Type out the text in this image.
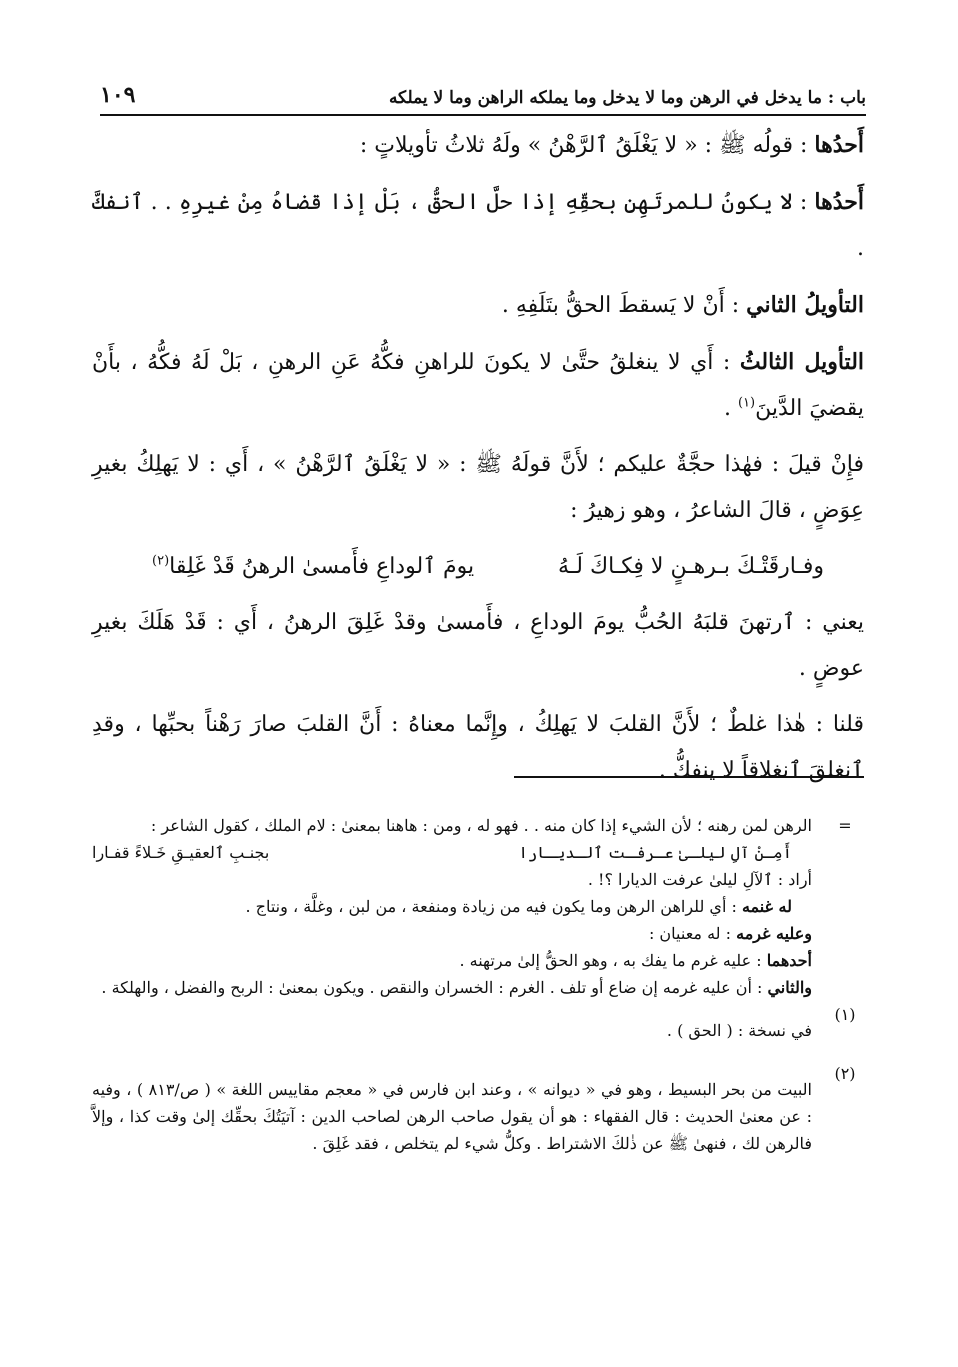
باب : ما يدخل في الرهن وما لا يدخل وما يملكه الراهن وما لا يملكه
١٠٩

أَحدُها : قولُه ﷺ : « لا يَغْلَقُ ٱلرَّهْنُ » ولَهُ ثلاثُ تأويلاتٍ :

أَحدُها : لا يكونُ للمرتَهِنِ بحقِّهِ إذا حلَّ الحقُّ ، بَلْ إذا قضاهُ مِنْ غيرِهِ . . ٱنفكَّ .

التأويلُ الثاني : أَنْ لا يَسقطَ الحقُّ بتَلَفِهِ .

التأويل الثالثُ : أَي لا ينغلقُ حتَّىٰ لا يكونَ للراهنِ فكُّهُ عَنِ الرهنِ ، بَلْ لَهُ فكُّهُ ، بأَنْ يقضيَ الدَّينَ$^{(١)}$ .

فإِنْ قيلَ : فهٰذا حجَّةٌ عليكم ؛ لأَنَّ قولَهُ ﷺ : « لا يَغْلَقُ ٱلرَّهْنُ » ، أَي : لا يَهلِكُ بغيرِ عِوَضٍ ، قالَ الشاعرُ ، وهو زهيرُ :

وفـارقَتْـكَ بـرهـنٍ لا فِكـاكَ لَـهُ
يومَ ٱلوداعِ فأَمسىٰ الرهنُ قَدْ غَلِقا$^{(٢)}$

يعني : ٱرتهنَ قلبَهُ الحُبُّ يومَ الوداعِ ، فأَمسىٰ وقدْ غَلِقَ الرهنُ ، أَي : قَدْ هَلَكَ بغيرِ عوضٍ .

قلنا : هٰذا غلطٌ ؛ لأَنَّ القلبَ لا يَهلِكُ ، وإِنَّما معناهُ : أَنَّ القلبَ صارَ رَهْناً بحبِّها ، وقدِ ٱنغلقَ ٱنغلاقاً لا ينفكُّ .

=

الرهن لمن رهنه ؛ لأن الشيء إذا كان منه . . فهو له ، ومن : هاهنا بمعنىٰ : لام الملك ، كقول الشاعر :

أَمِـنْ آلِ ليلـىٰ عـرفـت ٱلـديـارا
بجنـبِ ٱلعقيـقِ خَـلاءً قفـارا

أراد : ٱلآلِ ليلىٰ عرفت الديارا ؟! .

له غنمه : أي للراهن الرهن وما يكون فيه من زيادة ومنفعة ، من لبن ، وغلَّة ، ونتاج .

وعليه غرمه : له معنيان :

أحدهما : عليه غرم ما يفك به ، وهو الحقُّ إلىٰ مرتهنه .

والثاني : أن عليه غرمه إن ضاع أو تلف . الغرم : الخسران والنقص . ويكون بمعنىٰ : الربح والفضل ، والهلكة .

(١)

في نسخة : ( الحق ) .

(٢)

البيت من بحر البسيط ، وهو في « ديوانه » ، وعند ابن فارس في « معجم مقاييس اللغة » ( ص/٨١٣ ) ، وفيه : عن معنىٰ الحديث : قال الفقهاء : هو أن يقول صاحب الرهن لصاحب الدين : آتيَتُكَ بحقِّك إلىٰ وقت كذا ، وإلاَّ فالرهن لك ، فنهىٰ ﷺ عن ذٰلكَ الاشتراط . وكلُّ شيء لم يتخلص ، فقد غَلِقَ .
